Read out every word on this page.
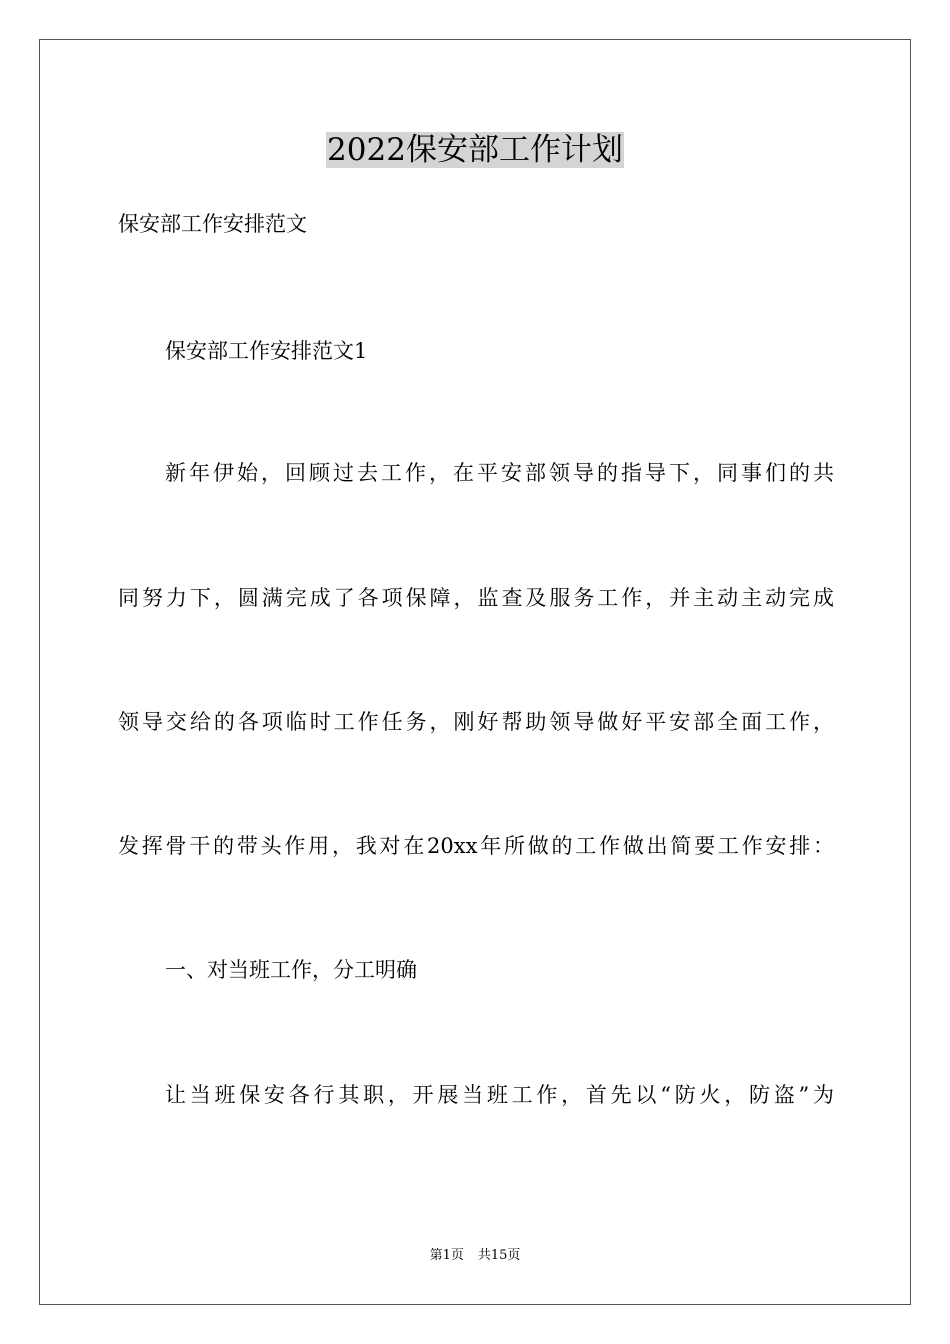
2022保安部工作计划
保安部工作安排范文
保安部工作安排范文1
新年伊始，回顾过去工作，在平安部领导的指导下，同事们的共
同努力下，圆满完成了各项保障，监查及服务工作，并主动主动完成
领导交给的各项临时工作任务，刚好帮助领导做好平安部全面工作，
发挥骨干的带头作用，我对在20xx年所做的工作做出简要工作安排：
一、对当班工作，分工明确
让当班保安各行其职，开展当班工作，首先以“防火，防盗”为
第1页 共15页
